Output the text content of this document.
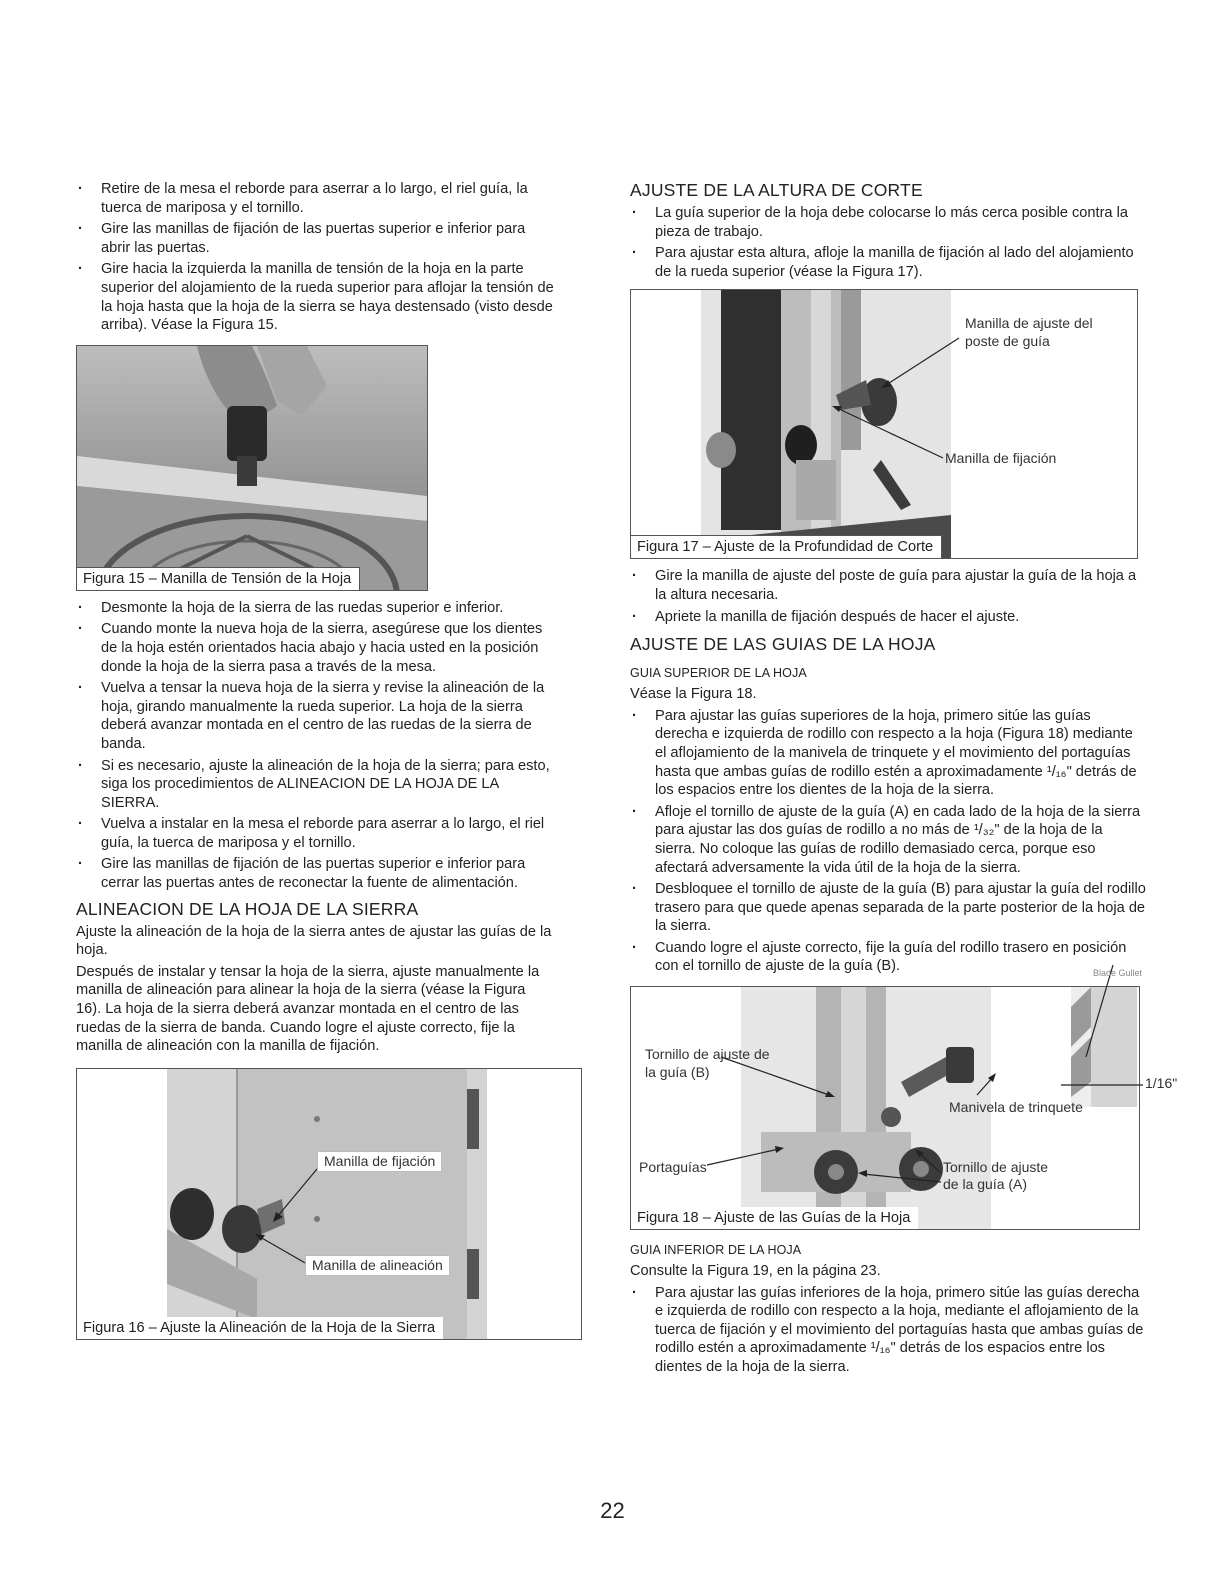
· Retire de la mesa el reborde para aserrar a lo largo, el riel guía, la tuerca de mariposa y el tornillo.
· Gire las manillas de fijación de las puertas superior e inferior para abrir las puertas.
· Gire hacia la izquierda la manilla de tensión de la hoja en la parte superior del alojamiento de la rueda superior para aflojar la tensión de la hoja hasta que la hoja de la sierra se haya destensado (visto desde arriba). Véase la Figura 15.
Figura 15 – Manilla de Tensión de la Hoja
· Desmonte la hoja de la sierra de las ruedas superior e inferior.
· Cuando monte la nueva hoja de la sierra, asegúrese que los dientes de la hoja estén orientados hacia abajo y hacia usted en la posición donde la hoja de la sierra pasa a través de la mesa.
· Vuelva a tensar la nueva hoja de la sierra y revise la alineación de la hoja, girando manualmente la rueda superior. La hoja de la sierra deberá avanzar montada en el centro de las ruedas de la sierra de banda.
· Si es necesario, ajuste la alineación de la hoja de la sierra; para esto, siga los procedimientos de ALINEACION DE LA HOJA DE LA SIERRA.
· Vuelva a instalar en la mesa el reborde para aserrar a lo largo, el riel guía, la tuerca de mariposa y el tornillo.
· Gire las manillas de fijación de las puertas superior e inferior para cerrar las puertas antes de reconectar la fuente de alimentación.
ALINEACION DE LA HOJA DE LA SIERRA

Ajuste la alineación de la hoja de la sierra antes de ajustar las guías de la hoja.

Después de instalar y tensar la hoja de la sierra, ajuste manualmente la manilla de alineación para alinear la hoja de la sierra (véase la Figura 16). La hoja de la sierra deberá avanzar montada en el centro de las ruedas de la sierra de banda. Cuando logre el ajuste correcto, fije la manilla de alineación con la manilla de fijación.

Manilla de fijación
Manilla de alineación
Figura 16 – Ajuste la Alineación de la Hoja de la Sierra
AJUSTE DE LA ALTURA DE CORTE
· La guía superior de la hoja debe colocarse lo más cerca posible contra la pieza de trabajo.
· Para ajustar esta altura, afloje la manilla de fijación al lado del alojamiento de la rueda superior (véase la Figura 17).
Manilla de ajuste del poste de guía
Manilla de fijación
Figura 17 – Ajuste de la Profundidad de Corte
· Gire la manilla de ajuste del poste de guía para ajustar la guía de la hoja a la altura necesaria.
· Apriete la manilla de fijación después de hacer el ajuste.
AJUSTE DE LAS GUIAS DE LA HOJA
GUIA SUPERIOR DE LA HOJA

Véase la Figura 18.

· Para ajustar las guías superiores de la hoja, primero sitúe las guías derecha e izquierda de rodillo con respecto a la hoja (Figura 18) mediante el aflojamiento de la manivela de trinquete y el movimiento del portaguías hasta que ambas guías de rodillo estén a aproximadamente ¹/₁₆" detrás de los espacios entre los dientes de la hoja de la sierra.
· Afloje el tornillo de ajuste de la guía (A) en cada lado de la hoja de la sierra para ajustar las dos guías de rodillo a no más de ¹/₃₂" de la hoja de la sierra. No coloque las guías de rodillo demasiado cerca, porque eso afectará adversamente la vida útil de la hoja de la sierra.
· Desbloquee el tornillo de ajuste de la guía (B) para ajustar la guía del rodillo trasero para que quede apenas separada de la parte posterior de la hoja de la sierra.
· Cuando logre el ajuste correcto, fije la guía del rodillo trasero en posición con el tornillo de ajuste de la guía (B).	Blade Gullet
Tornillo de ajuste de
la guía (B)
1/16"
Manivela de trinquete
Portaguías	Tornillo de ajuste
de la guía (A)
Figura 18 – Ajuste de las Guías de la Hoja
GUIA INFERIOR DE LA HOJA

Consulte la Figura 19, en la página 23.

· Para ajustar las guías inferiores de la hoja, primero sitúe las guías derecha e izquierda de rodillo con respecto a la hoja, mediante el aflojamiento de la tuerca de fijación y el movimiento del portaguías hasta que ambas guías de rodillo estén a aproximadamente ¹/₁₆" detrás de los espacios entre los dientes de la hoja de la sierra.
22
